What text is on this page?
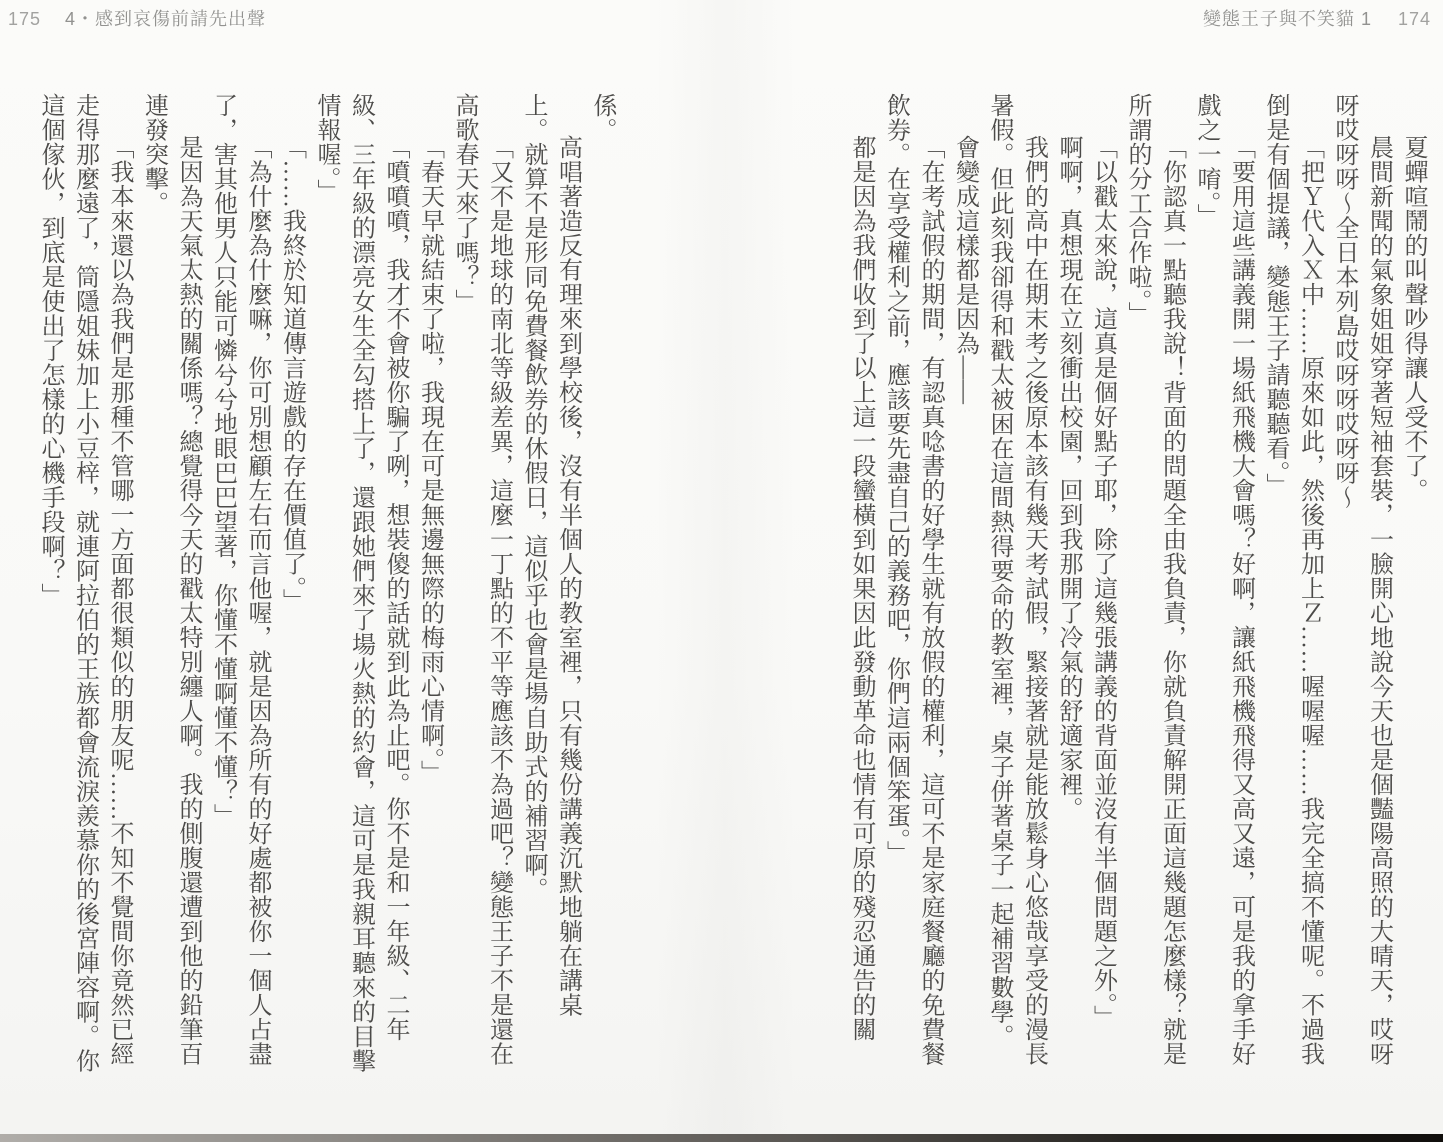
175 4・感到哀傷前請先出聲	變態王子與不笑貓 1 174
夏蟬喧鬧的叫聲吵得讓人受不了。
晨間新聞的氣象姐姐穿著短袖套裝，一臉開心地說今天也是個豔陽高照的大晴天，哎呀
呀哎呀呀～全日本列島哎呀呀哎呀呀～
「把Ｙ代入Ｘ中……原來如此，然後再加上Ｚ……喔喔喔……我完全搞不懂呢。不過我
倒是有個提議，變態王子請聽聽看。」
「要用這些講義開一場紙飛機大會嗎？好啊，讓紙飛機飛得又高又遠，可是我的拿手好
戲之一唷。」
「你認真一點聽我說！背面的問題全由我負責，你就負責解開正面這幾題怎麼樣？就是
所謂的分工合作啦。」
「以戳太來說，這真是個好點子耶，除了這幾張講義的背面並沒有半個問題之外。」
啊啊，真想現在立刻衝出校園，回到我那開了冷氣的舒適家裡。
我們的高中在期末考之後原本該有幾天考試假，緊接著就是能放鬆身心悠哉享受的漫長
暑假。但此刻我卻得和戳太被困在這間熱得要命的教室裡，桌子併著桌子一起補習數學。
會變成這樣都是因為——
「在考試假的期間，有認真唸書的好學生就有放假的權利，這可不是家庭餐廳的免費餐
飲券。在享受權利之前，應該要先盡自己的義務吧，你們這兩個笨蛋。」
都是因為我們收到了以上這一段蠻橫到如果因此發動革命也情有可原的殘忍通告的關
係。
高唱著造反有理來到學校後，沒有半個人的教室裡，只有幾份講義沉默地躺在講桌
上。就算不是形同免費餐飲券的休假日，這似乎也會是場自助式的補習啊。
「又不是地球的南北等級差異，這麼一丁點的不平等應該不為過吧？變態王子不是還在
高歌春天來了嗎？」
「春天早就結束了啦，我現在可是無邊無際的梅雨心情啊。」
「噴噴噴，我才不會被你騙了咧，想裝傻的話就到此為止吧。你不是和一年級、二年
級、三年級的漂亮女生全勾搭上了，還跟她們來了場火熱的約會，這可是我親耳聽來的目擊
情報喔。」
「……我終於知道傳言遊戲的存在價值了。」
「為什麼為什麼嘛，你可別想顧左右而言他喔，就是因為所有的好處都被你一個人占盡
了，害其他男人只能可憐兮兮地眼巴巴望著，你懂不懂啊懂不懂？」
是因為天氣太熱的關係嗎？總覺得今天的戳太特別纏人啊。我的側腹還遭到他的鉛筆百
連發突擊。
「我本來還以為我們是那種不管哪一方面都很類似的朋友呢……不知不覺間你竟然已經
走得那麼遠了，筒隱姐妹加上小豆梓，就連阿拉伯的王族都會流淚羨慕你的後宮陣容啊。你
這個傢伙，到底是使出了怎樣的心機手段啊？」
